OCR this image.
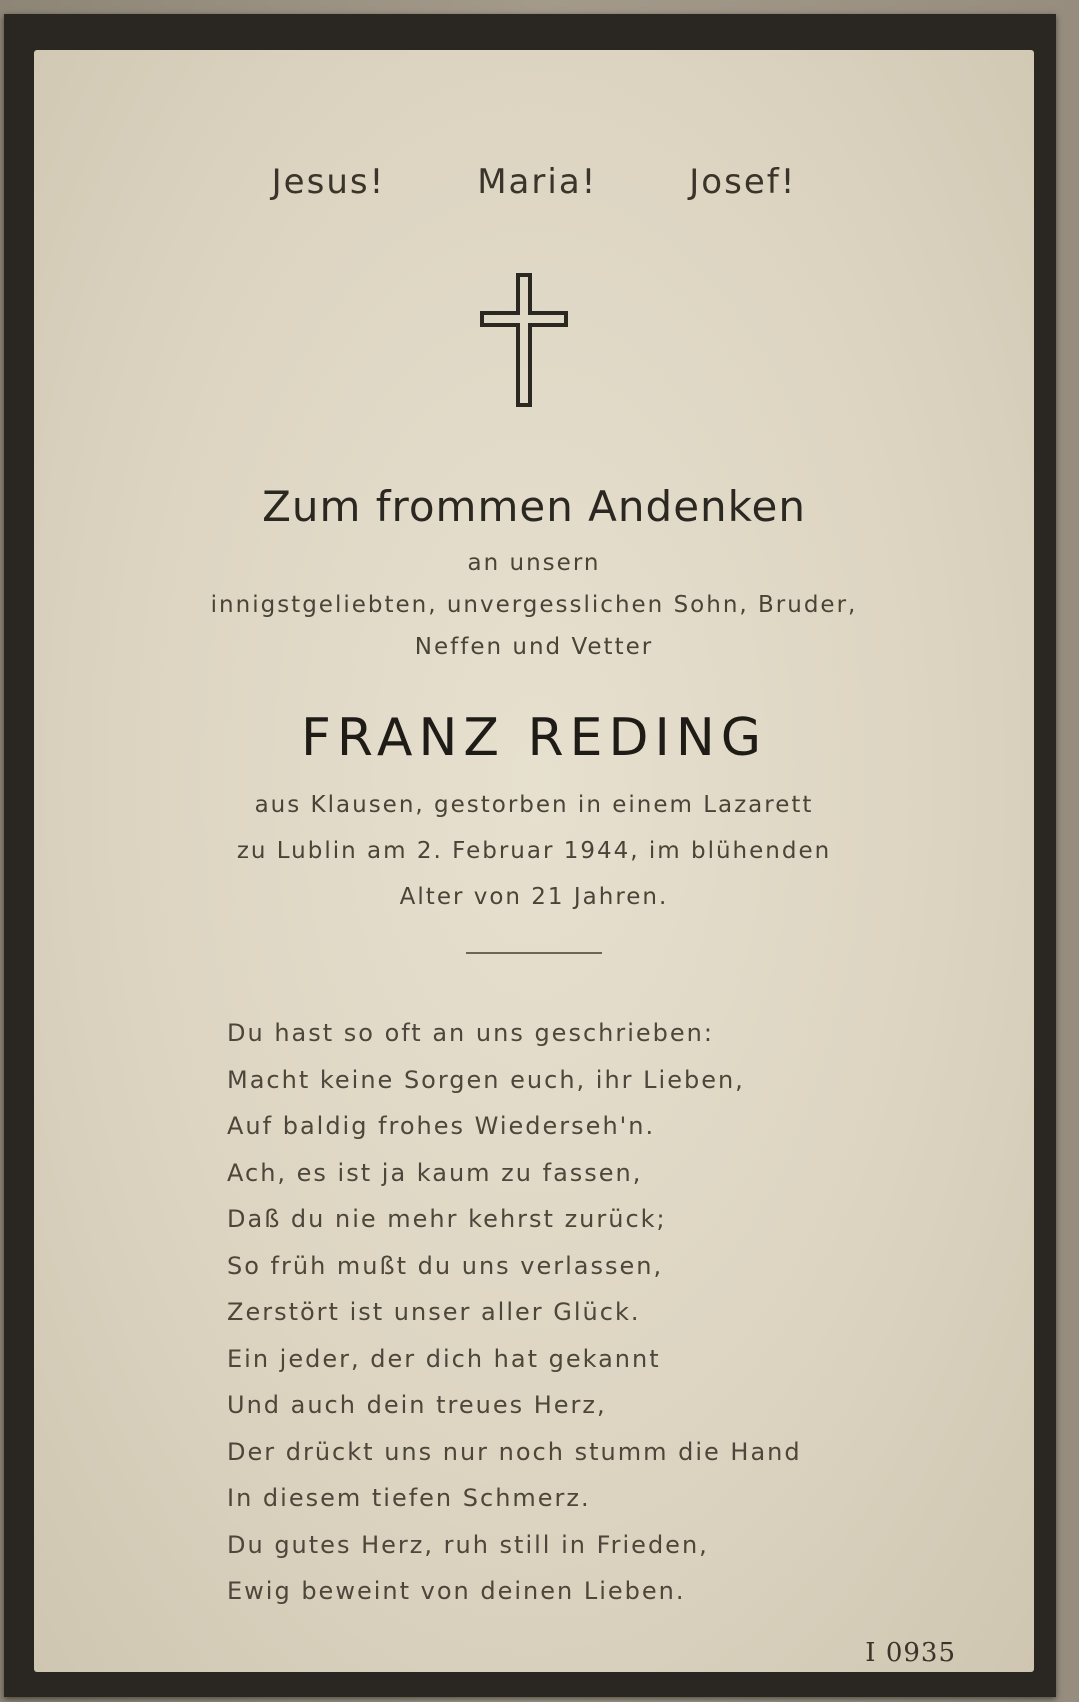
Jesus!	Maria!	Josef!
Zum frommen Andenken
an unsern
innigstgeliebten, unvergesslichen Sohn, Bruder,
Neffen und Vetter
FRANZ REDING
aus Klausen, gestorben in einem Lazarett
zu Lublin am 2. Februar 1944, im blühenden
Alter von 21 Jahren.
Du hast so oft an uns geschrieben:
Macht keine Sorgen euch, ihr Lieben,
Auf baldig frohes Wiederseh'n.
Ach, es ist ja kaum zu fassen,
Daß du nie mehr kehrst zurück;
So früh mußt du uns verlassen,
Zerstört ist unser aller Glück.
Ein jeder, der dich hat gekannt
Und auch dein treues Herz,
Der drückt uns nur noch stumm die Hand
In diesem tiefen Schmerz.
Du gutes Herz, ruh still in Frieden,
Ewig beweint von deinen Lieben.
I 0935
